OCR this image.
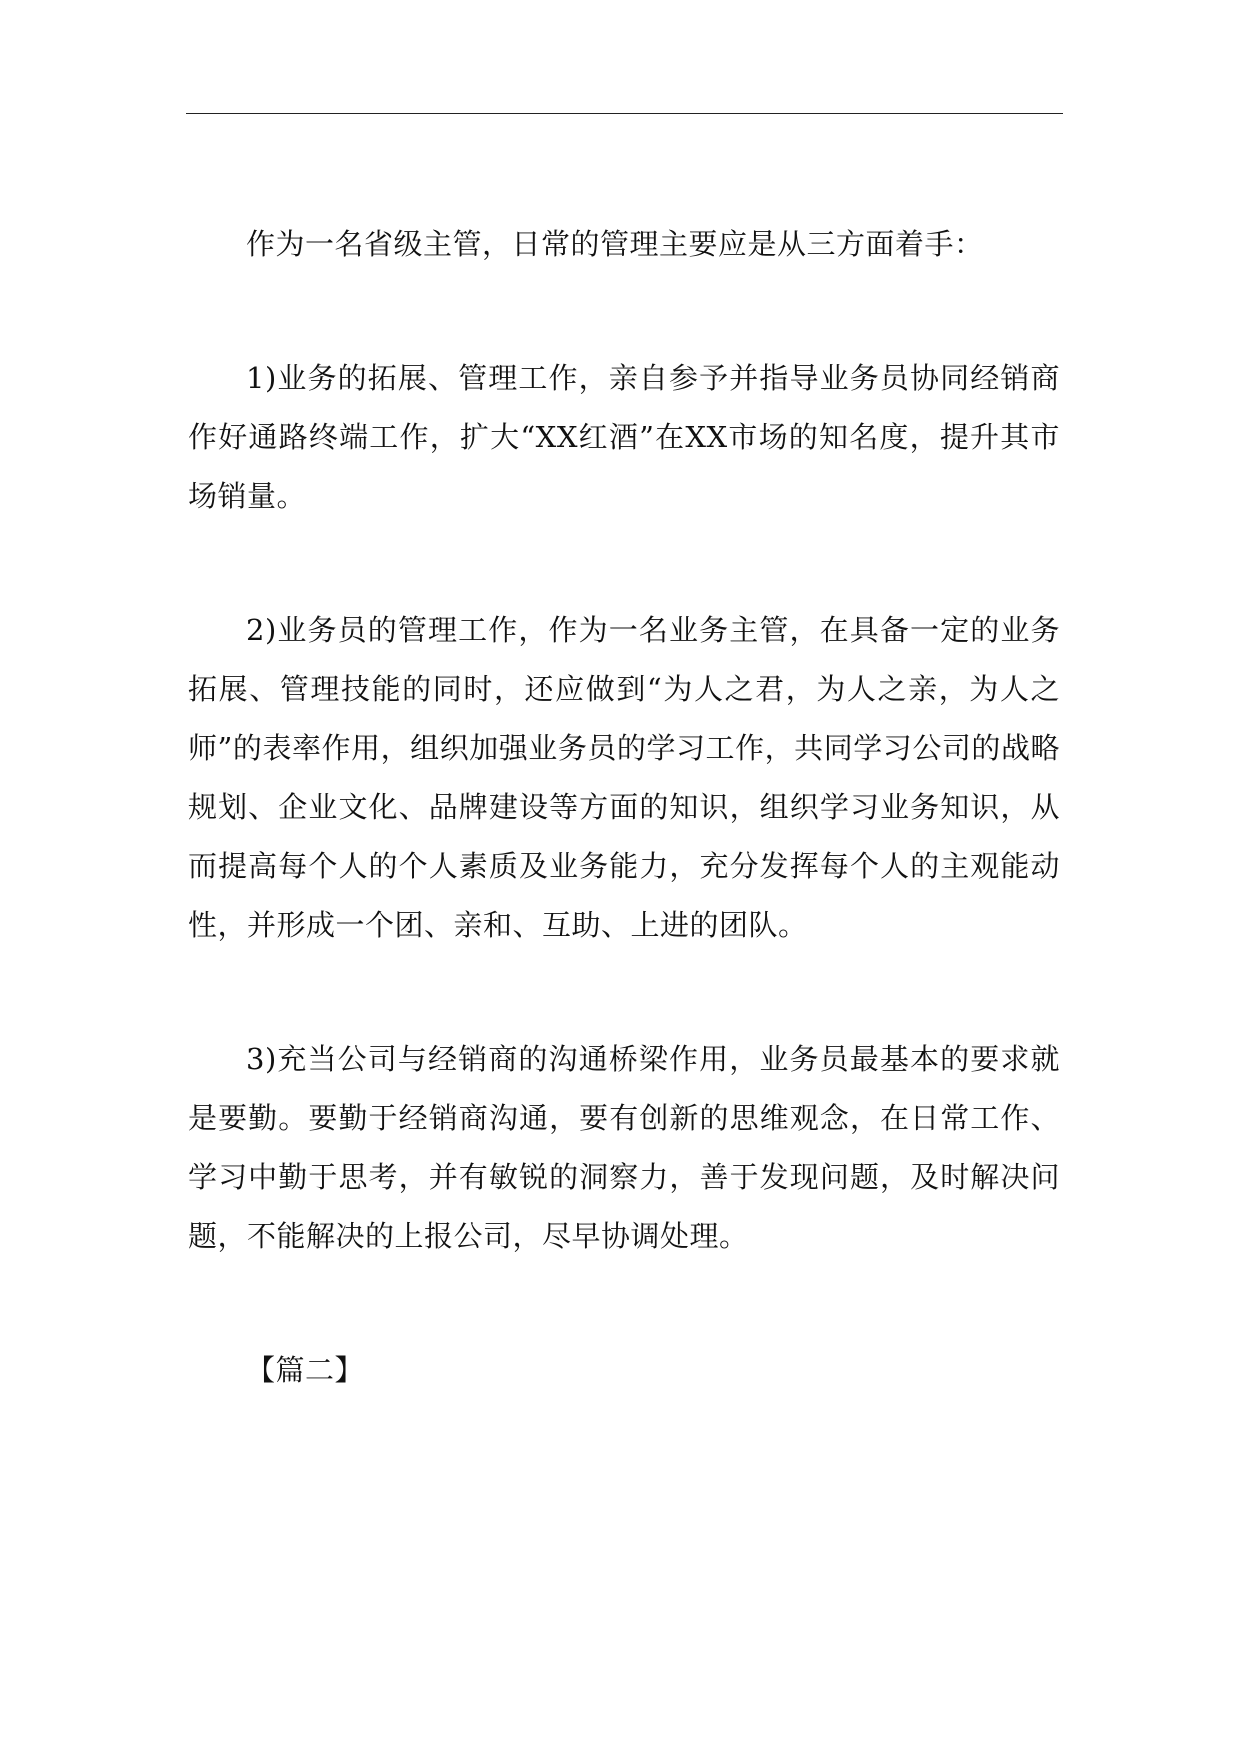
作为一名省级主管，日常的管理主要应是从三方面着手：

1)业务的拓展、管理工作，亲自参予并指导业务员协同经销商作好通路终端工作，扩大“XX红酒”在XX市场的知名度，提升其市场销量。

2)业务员的管理工作，作为一名业务主管，在具备一定的业务拓展、管理技能的同时，还应做到“为人之君，为人之亲，为人之师”的表率作用，组织加强业务员的学习工作，共同学习公司的战略规划、企业文化、品牌建设等方面的知识，组织学习业务知识，从而提高每个人的个人素质及业务能力，充分发挥每个人的主观能动性，并形成一个团、亲和、互助、上进的团队。

3)充当公司与经销商的沟通桥梁作用，业务员最基本的要求就是要勤。要勤于经销商沟通，要有创新的思维观念，在日常工作、学习中勤于思考，并有敏锐的洞察力，善于发现问题，及时解决问题，不能解决的上报公司，尽早协调处理。

【篇二】
